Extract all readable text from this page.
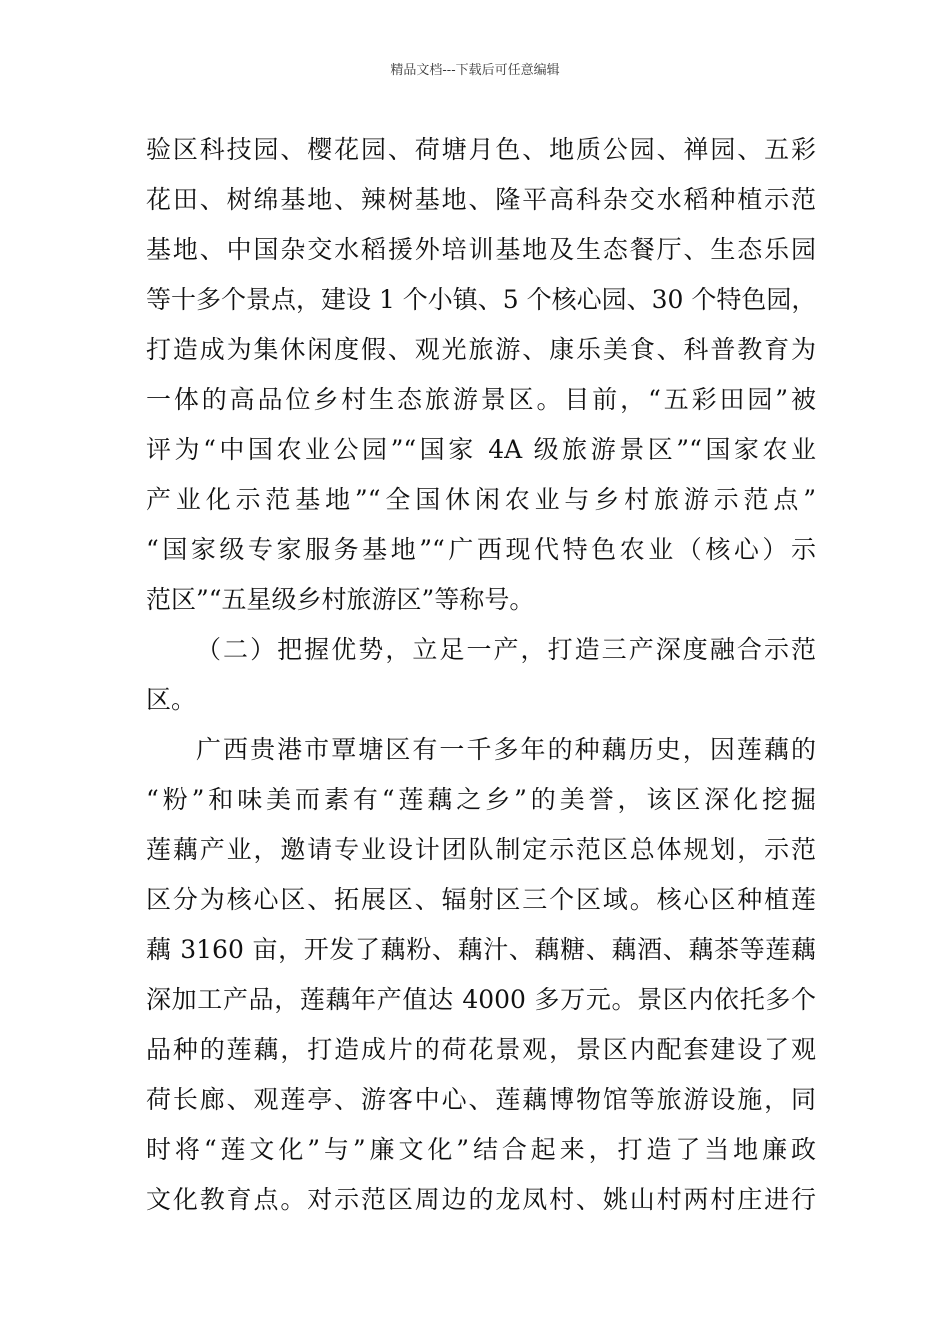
精品文档---下载后可任意编辑
验区科技园、樱花园、荷塘月色、地质公园、禅园、五彩
花田、树绵基地、辣树基地、隆平高科杂交水稻种植示范
基地、中国杂交水稻援外培训基地及生态餐厅、生态乐园
等十多个景点，建设 1 个小镇、5 个核心园、30 个特色园，
打造成为集休闲度假、观光旅游、康乐美食、科普教育为
一体的高品位乡村生态旅游景区。目前，“五彩田园”被
评为“中国农业公园”“国家 4A 级旅游景区”“国家农业
产业化示范基地”“全国休闲农业与乡村旅游示范点”
“国家级专家服务基地”“广西现代特色农业（核心）示
范区”“五星级乡村旅游区”等称号。
（二）把握优势，立足一产，打造三产深度融合示范
区。
广西贵港市覃塘区有一千多年的种藕历史，因莲藕的
“粉”和味美而素有“莲藕之乡”的美誉，该区深化挖掘
莲藕产业，邀请专业设计团队制定示范区总体规划，示范
区分为核心区、拓展区、辐射区三个区域。核心区种植莲
藕 3160 亩，开发了藕粉、藕汁、藕糖、藕酒、藕茶等莲藕
深加工产品，莲藕年产值达 4000 多万元。景区内依托多个
品种的莲藕，打造成片的荷花景观，景区内配套建设了观
荷长廊、观莲亭、游客中心、莲藕博物馆等旅游设施，同
时将“莲文化”与”廉文化”结合起来，打造了当地廉政
文化教育点。对示范区周边的龙凤村、姚山村两村庄进行
